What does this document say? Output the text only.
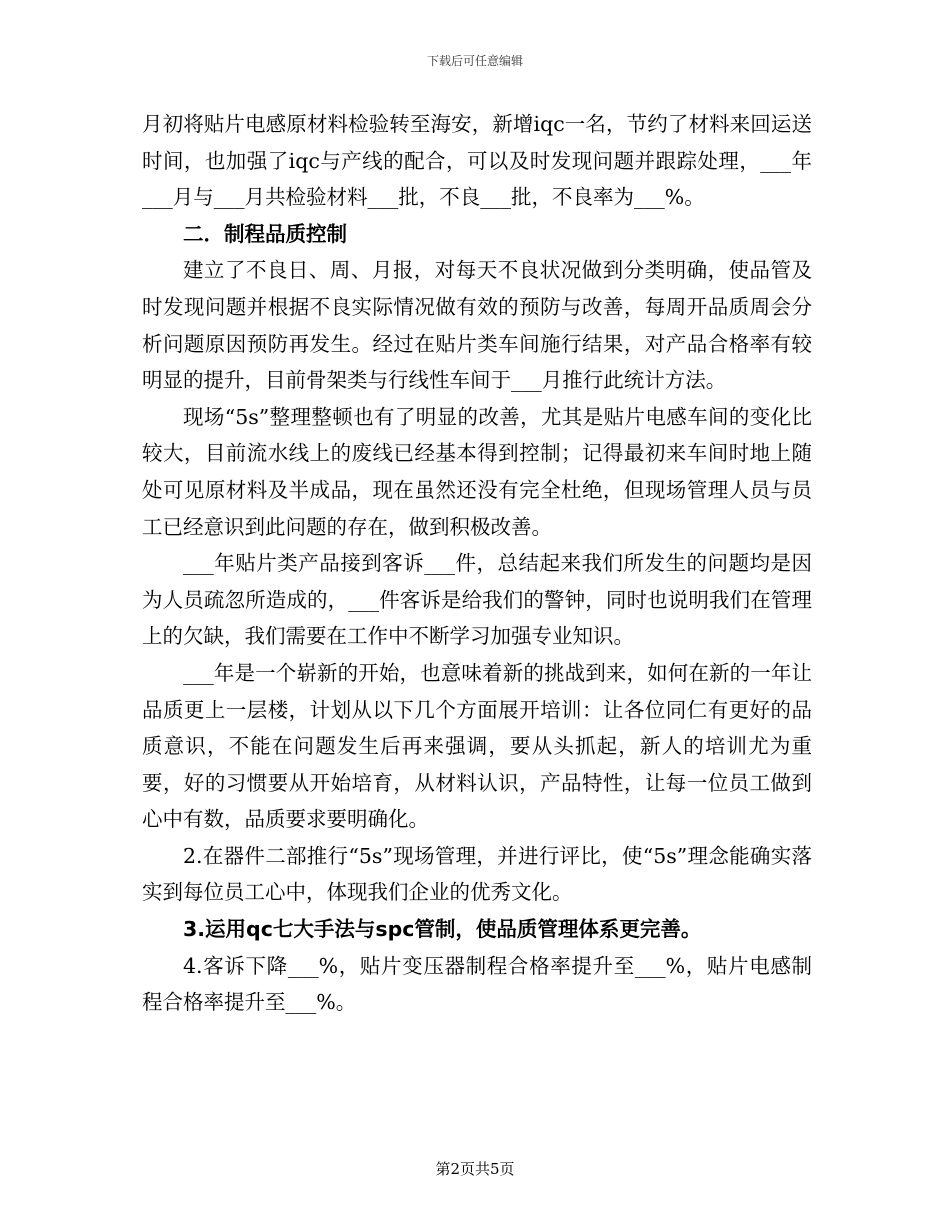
下载后可任意编辑

月初将贴片电感原材料检验转至海安，新增iqc一名，节约了材料来回运送时间，也加强了iqc与产线的配合，可以及时发现问题并跟踪处理，___年___月与___月共检验材料___批，不良___批，不良率为___%。

二．制程品质控制

建立了不良日、周、月报，对每天不良状况做到分类明确，使品管及时发现问题并根据不良实际情况做有效的预防与改善，每周开品质周会分析问题原因预防再发生。经过在贴片类车间施行结果，对产品合格率有较明显的提升，目前骨架类与行线性车间于___月推行此统计方法。

现场“5s”整理整顿也有了明显的改善，尤其是贴片电感车间的变化比较大，目前流水线上的废线已经基本得到控制；记得最初来车间时地上随处可见原材料及半成品，现在虽然还没有完全杜绝，但现场管理人员与员工已经意识到此问题的存在，做到积极改善。

___年贴片类产品接到客诉___件，总结起来我们所发生的问题均是因为人员疏忽所造成的，___件客诉是给我们的警钟，同时也说明我们在管理上的欠缺，我们需要在工作中不断学习加强专业知识。

___年是一个崭新的开始，也意味着新的挑战到来，如何在新的一年让品质更上一层楼，计划从以下几个方面展开培训：让各位同仁有更好的品质意识，不能在问题发生后再来强调，要从头抓起，新人的培训尤为重要，好的习惯要从开始培育，从材料认识，产品特性，让每一位员工做到心中有数，品质要求要明确化。

2.在器件二部推行“5s”现场管理，并进行评比，使“5s”理念能确实落实到每位员工心中，体现我们企业的优秀文化。

3.运用qc七大手法与spc管制，使品质管理体系更完善。

4.客诉下降___%，贴片变压器制程合格率提升至___%，贴片电感制程合格率提升至___%。

第2页共5页
